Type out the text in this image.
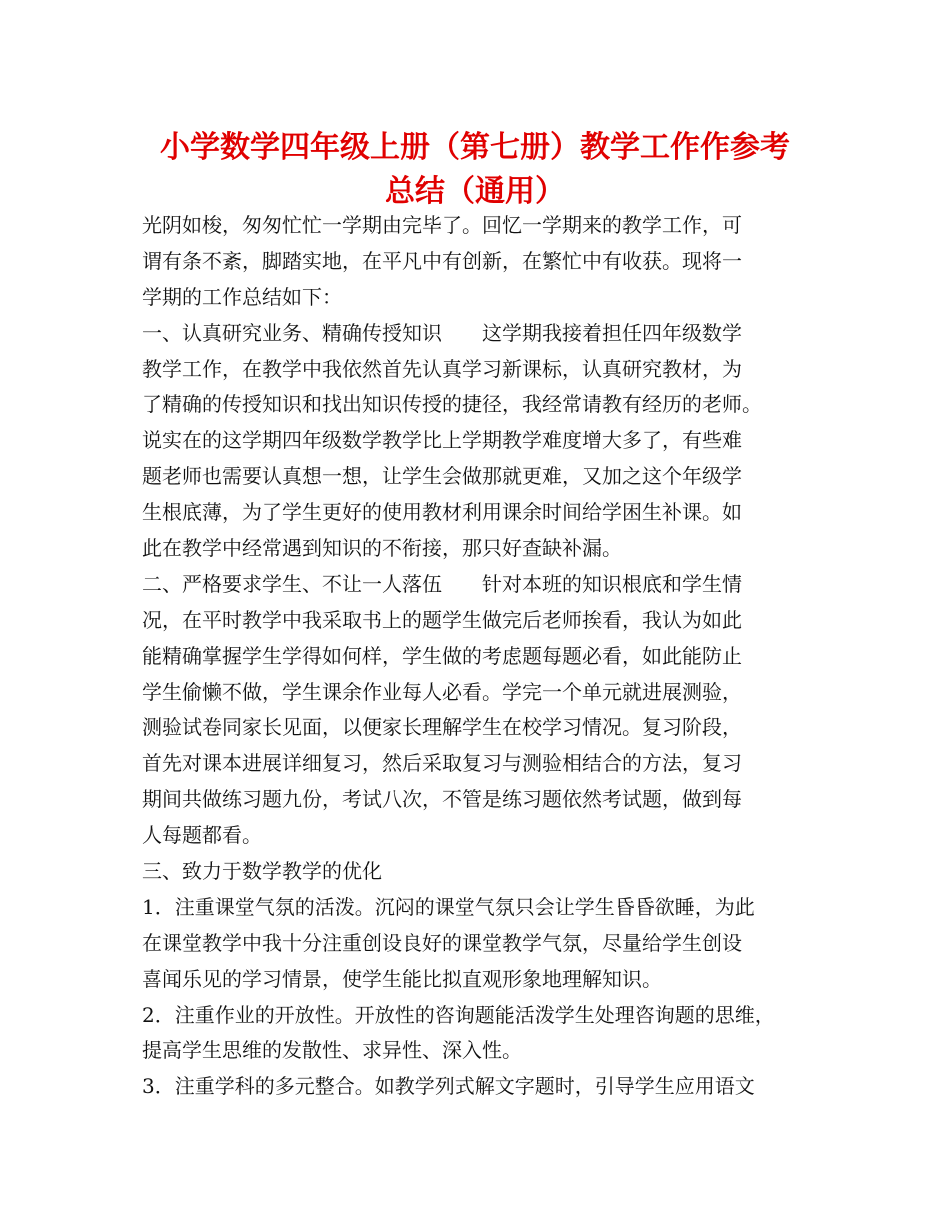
小学数学四年级上册（第七册）教学工作作参考
总结（通用）
光阴如梭，匆匆忙忙一学期由完毕了。回忆一学期来的教学工作，可
谓有条不紊，脚踏实地，在平凡中有创新，在繁忙中有收获。现将一
学期的工作总结如下：
一、认真研究业务、精确传授知识　　这学期我接着担任四年级数学
教学工作，在教学中我依然首先认真学习新课标，认真研究教材，为
了精确的传授知识和找出知识传授的捷径，我经常请教有经历的老师。
说实在的这学期四年级数学教学比上学期教学难度增大多了，有些难
题老师也需要认真想一想，让学生会做那就更难，又加之这个年级学
生根底薄，为了学生更好的使用教材利用课余时间给学困生补课。如
此在教学中经常遇到知识的不衔接，那只好查缺补漏。
二、严格要求学生、不让一人落伍　　针对本班的知识根底和学生情
况，在平时教学中我采取书上的题学生做完后老师挨看，我认为如此
能精确掌握学生学得如何样，学生做的考虑题每题必看，如此能防止
学生偷懒不做，学生课余作业每人必看。学完一个单元就进展测验，
测验试卷同家长见面，以便家长理解学生在校学习情况。复习阶段，
首先对课本进展详细复习，然后采取复习与测验相结合的方法，复习
期间共做练习题九份，考试八次，不管是练习题依然考试题，做到每
人每题都看。
三、致力于数学教学的优化
1．注重课堂气氛的活泼。沉闷的课堂气氛只会让学生昏昏欲睡，为此
在课堂教学中我十分注重创设良好的课堂教学气氛，尽量给学生创设
喜闻乐见的学习情景，使学生能比拟直观形象地理解知识。
2．注重作业的开放性。开放性的咨询题能活泼学生处理咨询题的思维，
提高学生思维的发散性、求异性、深入性。
3．注重学科的多元整合。如教学列式解文字题时，引导学生应用语文
